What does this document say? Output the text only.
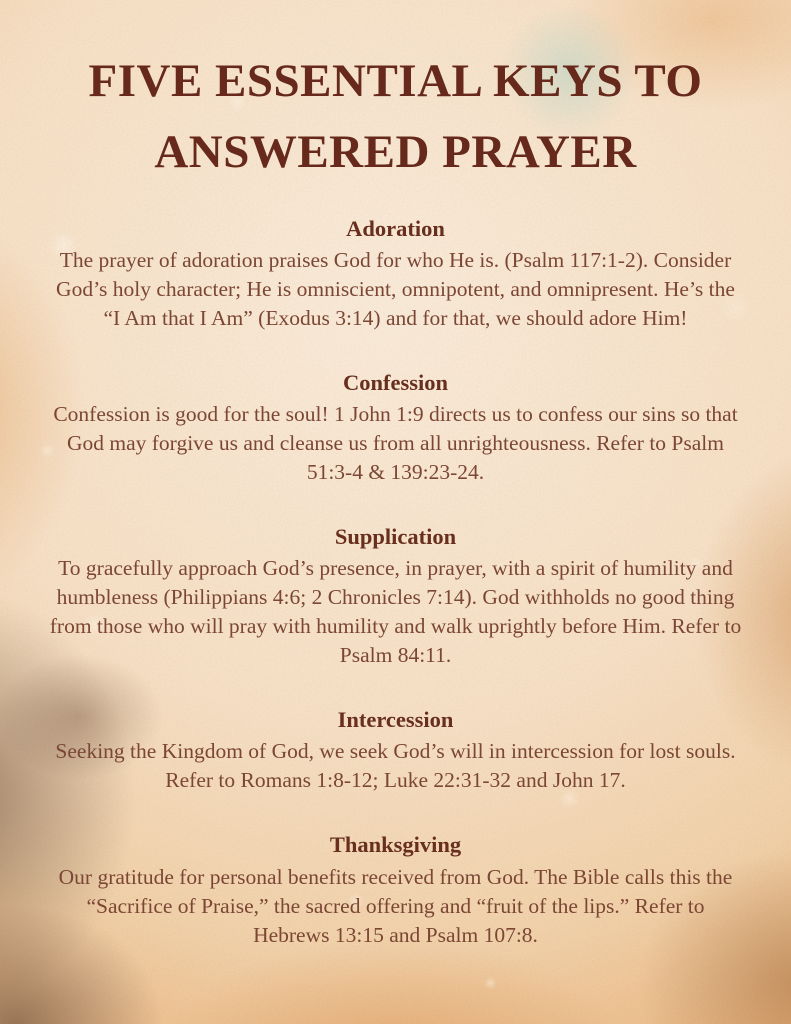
FIVE ESSENTIAL KEYS TO
ANSWERED PRAYER
Adoration

The prayer of adoration praises God for who He is. (Psalm 117:1-2). Consider God’s holy character; He is omniscient, omnipotent, and omnipresent. He’s the “I Am that I Am” (Exodus 3:14) and for that, we should adore Him!

Confession

Confession is good for the soul! 1 John 1:9 directs us to confess our sins so that God may forgive us and cleanse us from all unrighteousness. Refer to Psalm 51:3-4 & 139:23-24.

Supplication

To gracefully approach God’s presence, in prayer, with a spirit of humility and humbleness (Philippians 4:6; 2 Chronicles 7:14). God withholds no good thing from those who will pray with humility and walk uprightly before Him. Refer to Psalm 84:11.

Intercession

Seeking the Kingdom of God, we seek God’s will in intercession for lost souls. Refer to Romans 1:8-12; Luke 22:31-32 and John 17.

Thanksgiving

Our gratitude for personal benefits received from God. The Bible calls this the “Sacrifice of Praise,” the sacred offering and “fruit of the lips.” Refer to Hebrews 13:15 and Psalm 107:8.
